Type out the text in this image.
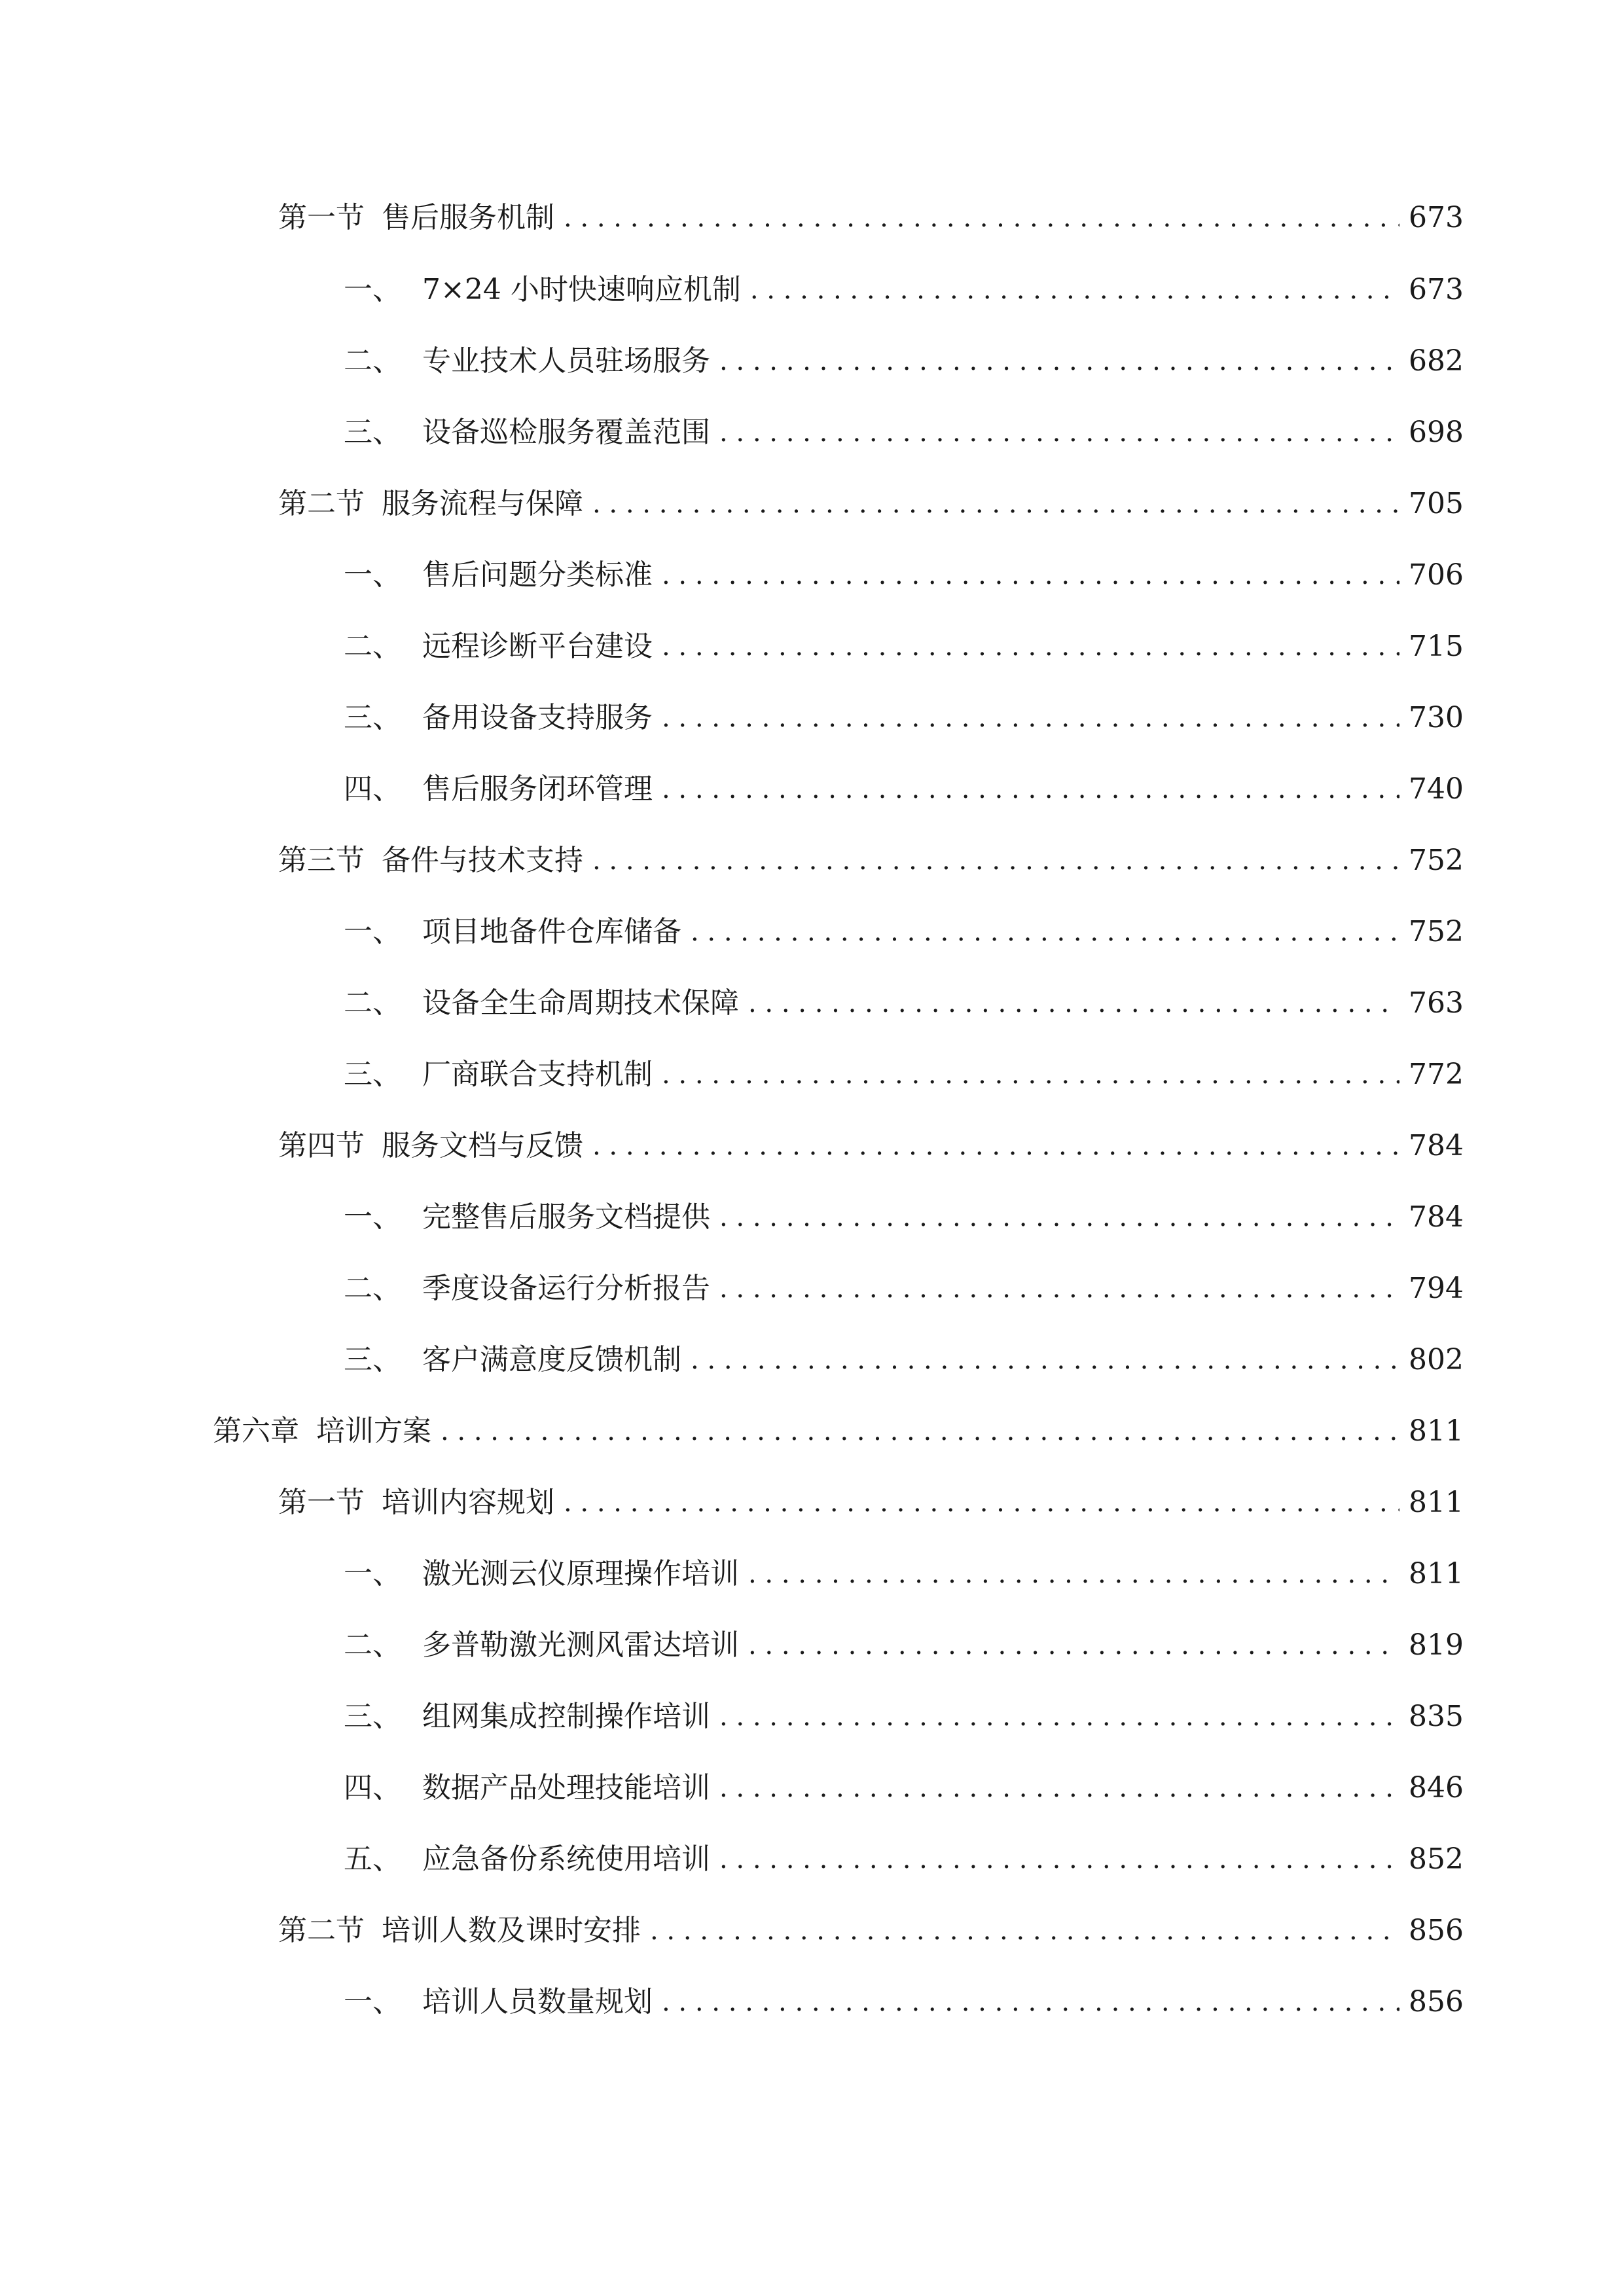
第一节 售后服务机制 . . .	673
一、 7×24 小时快速响应机制 . . .	673
二、 专业技术人员驻场服务 . . .	682
三、 设备巡检服务覆盖范围 . . .	698
第二节 服务流程与保障 . . .	705
一、 售后问题分类标准 . . .	706
二、 远程诊断平台建设 . . .	715
三、 备用设备支持服务 . . .	730
四、 售后服务闭环管理 . . .	740
第三节 备件与技术支持 . . .	752
一、 项目地备件仓库储备 . . .	752
二、 设备全生命周期技术保障 . . .	763
三、 厂商联合支持机制 . . .	772
第四节 服务文档与反馈 . . .	784
一、 完整售后服务文档提供 . . .	784
二、 季度设备运行分析报告 . . .	794
三、 客户满意度反馈机制 . . .	802
第六章 培训方案 . . .	811
第一节 培训内容规划 . . .	811
一、 激光测云仪原理操作培训 . . .	811
二、 多普勒激光测风雷达培训 . . .	819
三、 组网集成控制操作培训 . . .	835
四、 数据产品处理技能培训 . . .	846
五、 应急备份系统使用培训 . . .	852
第二节 培训人数及课时安排 . . .	856
一、 培训人员数量规划 . . .	856
